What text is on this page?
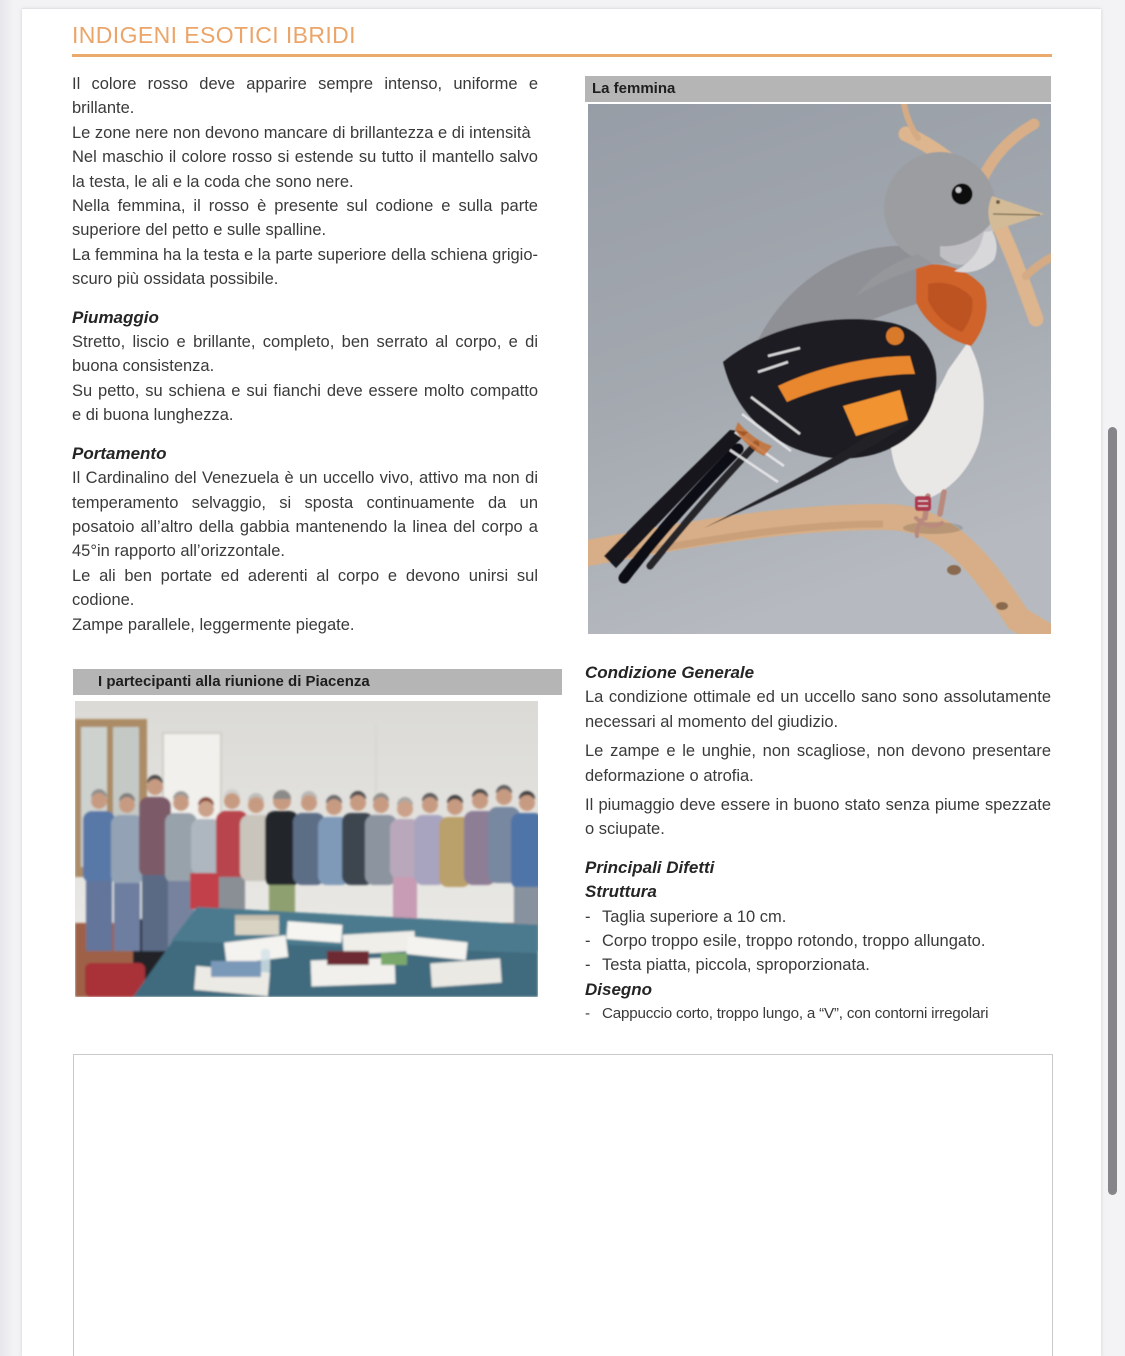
INDIGENI ESOTICI IBRIDI

Il colore rosso deve apparire sempre intenso, uniforme e brillante.

Le zone nere non devono mancare di brillantezza e di intensità

Nel maschio il colore rosso si estende su tutto il mantello salvo la testa, le ali e la coda che sono nere.

Nella femmina, il rosso è presente sul codione e sulla parte superiore del petto e sulle spalline.

La femmina ha la testa e la parte superiore della schiena grigio-scuro più ossidata possibile.

Piumaggio

Stretto, liscio e brillante, completo, ben serrato al corpo, e di buona consistenza.

Su petto, su schiena e sui fianchi deve essere molto compatto e di buona lunghezza.

Portamento

Il Cardinalino del Venezuela è un uccello vivo, attivo ma non di temperamento selvaggio, si sposta continuamente da un posatoio all’altro della gabbia mantenendo la linea del corpo a 45°in rapporto all’orizzontale.

Le ali ben portate ed aderenti al corpo e devono unirsi sul codione.

Zampe parallele, leggermente piegate.

I partecipanti alla riunione di Piacenza
La femmina
Condizione Generale

La condizione ottimale ed un uccello sano sono assolutamente necessari al momento del giudizio.

Le zampe e le unghie, non scagliose, non devono presentare deformazione o atrofia.

Il piumaggio deve essere in buono stato senza piume spezzate o sciupate.

Principali Difetti
Struttura
- Taglia superiore a 10 cm.
- Corpo troppo esile, troppo rotondo, troppo allungato.
- Testa piatta, piccola, sproporzionata.
Disegno
- Cappuccio corto, troppo lungo, a “V”, con contorni irregolari
